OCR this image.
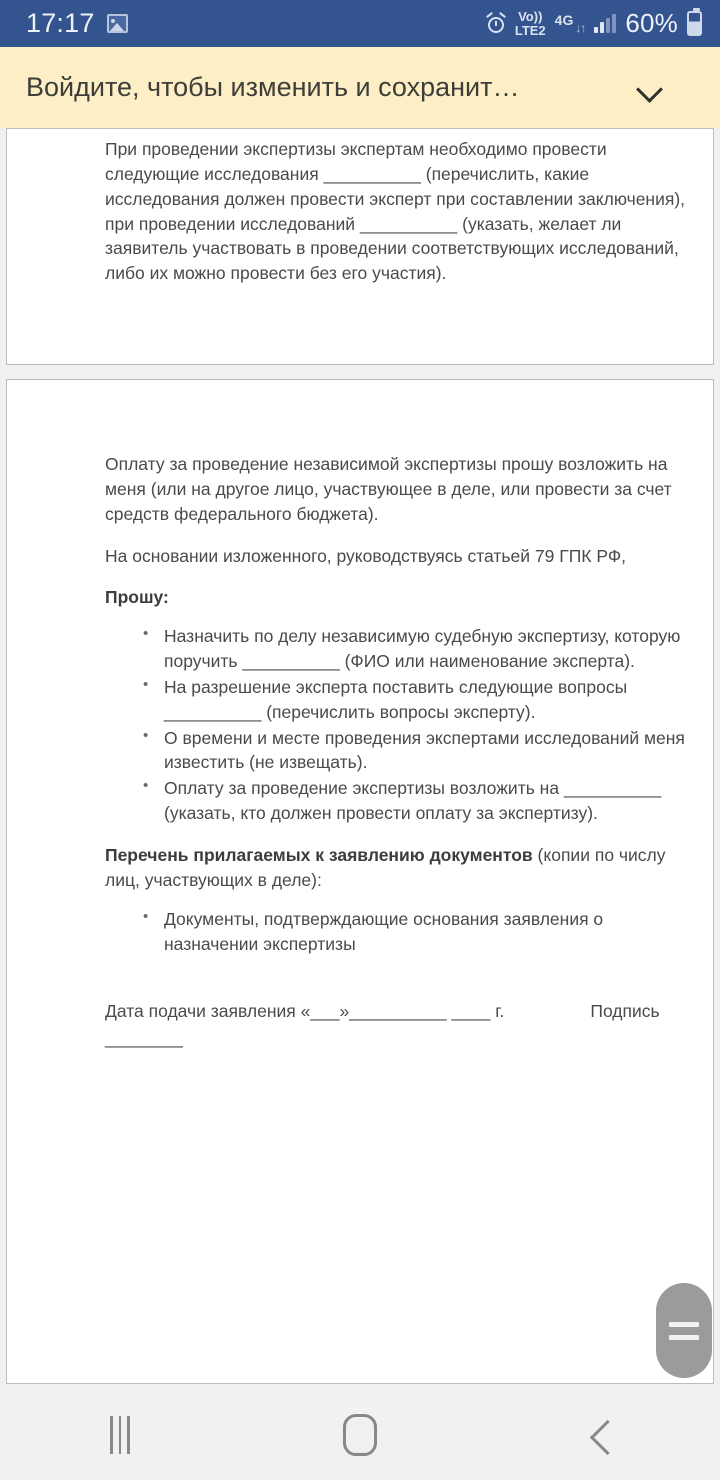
17:17	Vo))
LTE2
4G ↓↑ 60%
Войдите, чтобы изменить и сохранит…

При проведении экспертизы экспертам необходимо провести следующие исследования __________ (перечислить, какие исследования должен провести эксперт при составлении заключения), при проведении исследований __________ (указать, желает ли заявитель участвовать в проведении соответствующих исследований, либо их можно провести без его участия).

Оплату за проведение независимой экспертизы прошу возложить на меня (или на другое лицо, участвующее в деле, или провести за счет средств федерального бюджета).

На основании изложенного, руководствуясь статьей 79 ГПК РФ,

Прошу:

• Назначить по делу независимую судебную экспертизу, которую поручить __________ (ФИО или наименование эксперта).
• На разрешение эксперта поставить следующие вопросы __________ (перечислить вопросы эксперту).
• О времени и месте проведения экспертами исследований меня известить (не извещать).
• Оплату за проведение экспертизы возложить на __________ (указать, кто должен провести оплату за экспертизу).

Перечень прилагаемых к заявлению документов (копии по числу лиц, участвующих в деле):

• Документы, подтверждающие основания заявления о назначении экспертизы
Дата подачи заявления «___»__________ ____ г.	Подпись
________
